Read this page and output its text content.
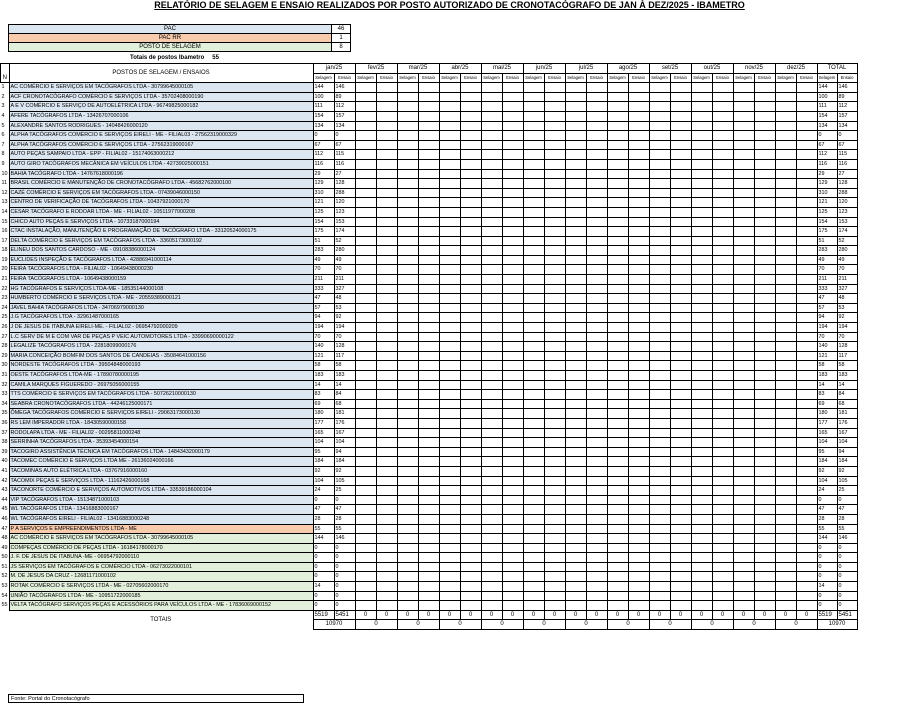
RELATÓRIO DE SELAGEM E ENSAIO REALIZADOS POR POSTO AUTORIZADO DE CRONOTACÓGRAFO DE JAN À DEZ/2025 - IBAMETRO
PAC	46
PAC RR	1
POSTO DE SELAGEM	8
Totais de postos Ibametro 55
N	POSTOS DE SELAGEM / ENSAIOS	jan/25		fev/25		mar/25		abr/25		mai/25		jun/25		jul/25		ago/25		set/25		out/25		nov/25		dez/25		TOTAL	
		Selagem	Ensaio	Selagem	Ensaio	Selagem	Ensaio	Selagem	Ensaio	Selagem	Ensaio	Selagem	Ensaio	Selagem	Ensaio	Selagem	Ensaio	Selagem	Ensaio	Selagem	Ensaio	Selagem	Ensaio	Selagem	Ensaio	Selagem	Ensaio
1	AC COMÉRCIO E SERVIÇOS EM TACÓGRAFOS LTDA - 30799645000105	144	146																							144	146
2	ACF CRONOTACÓGRAFO COMÉRCIO E SERVIÇOS LTDA - 35702408000190	100	89																							100	89
3	A E V COMÉRCIO E SERVIÇO DE AUTOELÉTRICA LTDA - 96749825000182	111	112																							111	112
4	AFERE TACÓGRAFOS LTDA - 13426707000106	154	157																							154	157
5	ALEXANDRE SANTOS RODRIGUES - 14048426000120	134	134																							134	134
6	ALPHA TACÓGRAFOS COMÉRCIO E SERVIÇOS EIRELI - ME - FILIAL03 - 27562319000329	0	0																							0	0
7	ALPHA TACÓGRAFOS COMÉRCIO E SERVIÇOS LTDA - 27562319000167	67	67																							67	67
8	AUTO PEÇAS SAMPAIO LTDA - EPP - FILIAL02 - 15174063000212	112	115																							112	115
9	AUTO GIRO TACÓGRAFOS MECÂNICA EM VEÍCULOS LTDA - 42739025000151	116	116																							116	116
10	BAHIA TACÓGRAFO LTDA - 14767618000196	29	27																							29	27
11	BRASIL COMÉRCIO E MANUTENÇÃO DE CRONOTACÓGRAFO LTDA - 45682762000100	129	128																							129	128
12	CAZÉ COMÉRCIO E SERVIÇOS EM TACÓGRAFOS LTDA - 07439046000150	310	288																							310	288
13	CENTRO DE VERIFICAÇÃO DE TACÓGRAFOS LTDA - 10437921000170	121	120																							121	120
14	CESAR TACÓGRAFO E RODOAR LTDA - ME - FILIAL02 - 10511977000208	125	123																							125	123
15	CHICO AUTO PEÇAS E SERVIÇOS LTDA - 10733187000194	154	153																							154	153
16	CTAC INSTALAÇÃO, MANUTENÇÃO E PROGRAMAÇÃO DE TACÓGRAFO LTDA - 33120524000175	175	174																							175	174
17	DELTA COMÉRCIO E SERVIÇOS EM TACÓGRAFOS LTDA - 33605173000192	51	52																							51	52
18	ELINEU DOS SANTOS CARDOSO - ME - 09108386000124	283	280																							283	280
19	EUCLIDES INSPEÇÃO E TACÓGRAFOS LTDA - 42886941000114	49	49																							49	49
20	FEIRA TACÓGRAFOS LTDA - FILIAL02 - 10649438000230	70	70																							70	70
21	FEIRA TACÓGRAFOS LTDA - 10649438000159	211	211																							211	211
22	HG TACÓGRAFOS E SERVIÇOS LTDA-ME - 18535144000108	333	327																							333	327
23	HUMBERTO COMÉRCIO E SERVIÇOS LTDA - ME - 20559389000121	47	48																							47	48
24	JAVEL BAHIA TACÓGRAFOS LTDA - 34706979000130	57	53																							57	53
25	J.G TACÓGRAFOS LTDA - 32961487000165	94	92																							94	92
26	J DE JESUS DE ITABUNA EIRELI-ME. - FILIAL02 - 06954792000209	194	194																							194	194
27	L.C SERV DE M E COM VAR DE PEÇAS P VEIC AUTOMOTORES LTDA - 33990690000122	70	70																							70	70
28	LEGALIZE TACÓGRAFOS LTDA - 22818099000176	140	128																							140	128
29	MARIA CONCEIÇÃO BOMFIM DOS SANTOS DE CANDEIAS - 35084641000156	121	117																							121	117
30	NORDESTE TACÓGRAFOS LTDA - 39504848000193	58	58																							58	58
31	OESTE TACÓGRAFOS LTDA-ME - 17890780000195	183	183																							183	183
32	CAMILA MARQUES FIGUEREDO - 26975056000155	14	14																							14	14
33	TTS COMÉRCIO E SERVIÇOS EM TACÓGRAFOS LTDA - 50726210000130	83	84																							83	84
34	SEABRA CRONOTACÓGRAFOS LTDA - 44246125000171	69	68																							69	68
35	ÔMEGA TACÓGRAFOS COMÉRCIO E SERVIÇOS EIRELI - 29063173000130	180	181																							180	181
36	RS LEM IMPERADOR LTDA - 18430590000158	177	176																							177	176
37	RODOLAPA LTDA - ME - FILIAL02 - 00295811000248	165	167																							165	167
38	SERRINHA TACÓGRAFOS LTDA - 35393454000154	104	104																							104	104
39	TACOGIRO ASSISTÊNCIA TÉCNICA EM TACÓGRAFOS LTDA - 14843432000179	95	94																							95	94
40	TACOMEC COMÉRCIO E SERVIÇOS LTDA ME - 26136024000166	184	184																							184	184
41	TACOMINAS AUTO ELÉTRICA LTDA - 03767916000160	92	92																							92	92
42	TACOMIX PEÇAS E SERVIÇOS LTDA - 11162426000168	104	105																							104	105
43	TACONORTE COMÉRCIO E SERVIÇOS AUTOMOTIVOS LTDA - 33539186000104	24	25																							24	25
44	VIP TACÓGRAFOS LTDA - 15134871000103	0	0																							0	0
45	WL TACÓGRAFOS LTDA - 13416883000167	47	47																							47	47
46	WL TACÓGRAFOS EIRELI - FILIAL02 - 13416883000248	28	28																							28	28
47	P A SERVIÇOS E EMPREENDIMENTOS LTDA - ME	55	55																							55	55
48	AC COMÉRCIO E SERVIÇOS EM TACÓGRAFOS LTDA - 30799645000105	144	146																							144	146
49	COMPEÇAS COMÉRCIO DE PEÇAS LTDA - 16184178000170	0	0																							0	0
50	J. F. DE JESUS DE ITABUNA -ME - 06954792000110	0	0																							0	0
51	JS SERVIÇOS EM TACÓGRAFOS E COMÉRCIO LTDA - 06273022000101	0	0																							0	0
52	M. DE JESUS DA CRUZ - 12681171000102	0	0																							0	0
53	ROTAK COMÉRCIO E SERVIÇOS LTDA - ME - 02705602000170	14	0																							14	0
54	UNIÃO TACÓGRAFOS LTDA - ME - 10951722000185	0	0																							0	0
55	VELTA TACÓGRAFO SERVIÇOS PEÇAS E ACESSÓRIOS PARA VEÍCULOS LTDA - ME - 17836069000152	0	0																							0	0
	TOTAIS	5519	5451	0	0	0	0	0	0	0	0	0	0	0	0	0	0	0	0	0	0	0	0	0	0	5519	5451
		10970		0		0		0		0		0		0		0		0		0		0		0		10970	
Fonte: Portal do Cronotacógrafo
